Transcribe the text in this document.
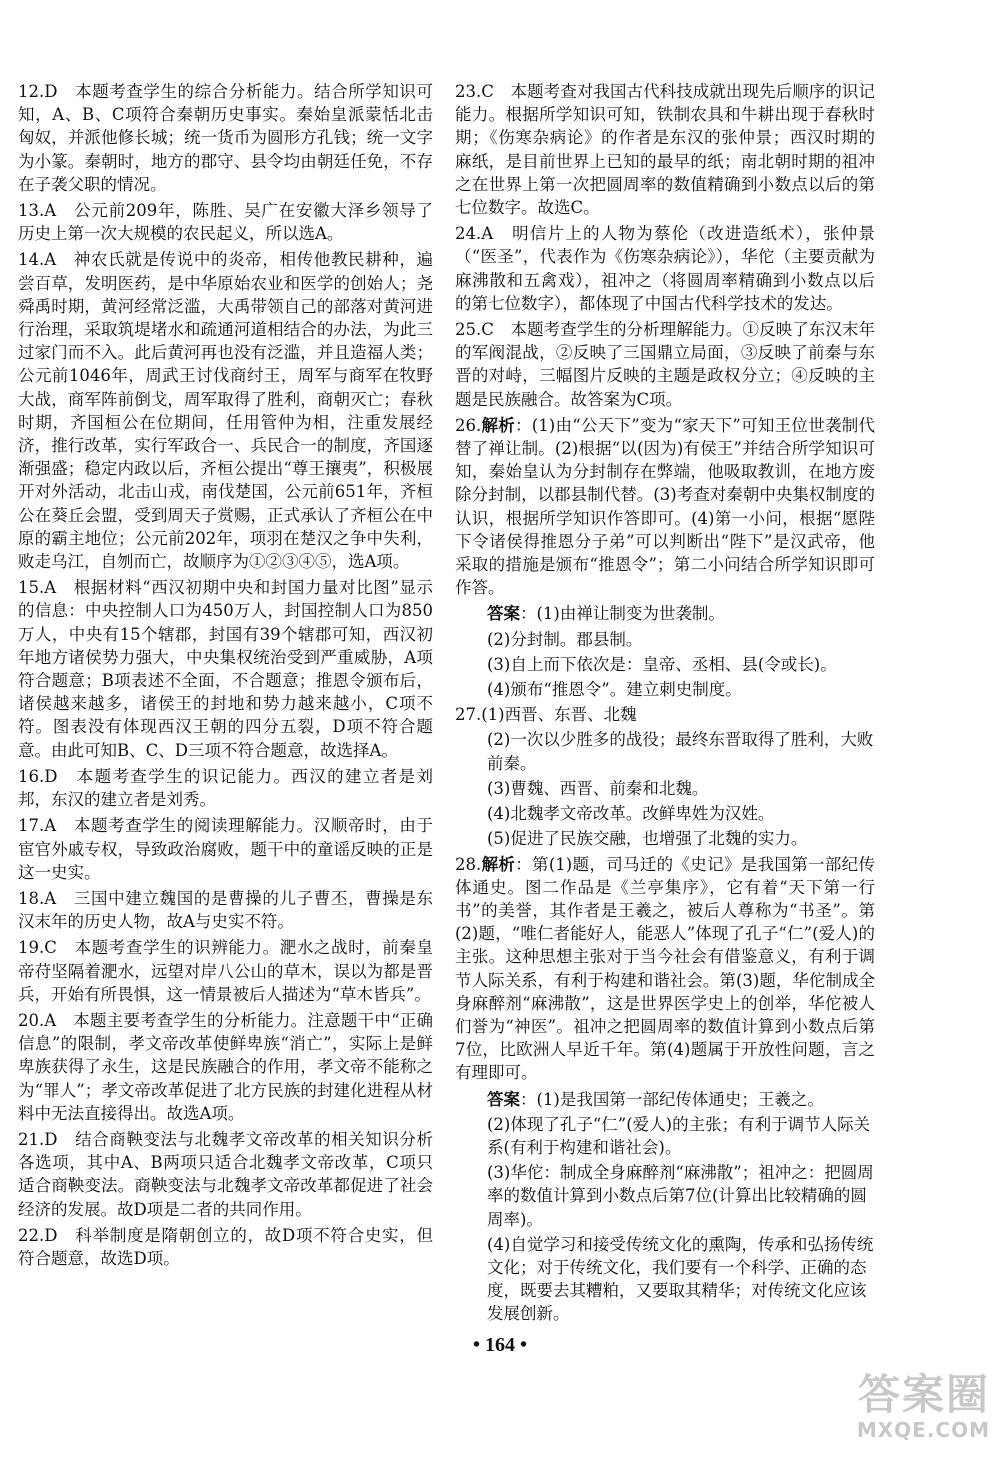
12.D　本题考查学生的综合分析能力。结合所学知识可知，A、B、C项符合秦朝历史事实。秦始皇派蒙恬北击匈奴，并派他修长城；统一货币为圆形方孔钱；统一文字为小篆。秦朝时，地方的郡守、县令均由朝廷任免，不存在子袭父职的情况。

13.A　公元前209年，陈胜、吴广在安徽大泽乡领导了历史上第一次大规模的农民起义，所以选A。

14.A　神农氏就是传说中的炎帝，相传他教民耕种，遍尝百草，发明医药，是中华原始农业和医学的创始人；尧舜禹时期，黄河经常泛滥，大禹带领自己的部落对黄河进行治理，采取筑堤堵水和疏通河道相结合的办法，为此三过家门而不入。此后黄河再也没有泛滥，并且造福人类；公元前1046年，周武王讨伐商纣王，周军与商军在牧野大战，商军阵前倒戈，周军取得了胜利，商朝灭亡；春秋时期，齐国桓公在位期间，任用管仲为相，注重发展经济，推行改革，实行军政合一、兵民合一的制度，齐国逐渐强盛；稳定内政以后，齐桓公提出“尊王攘夷”，积极展开对外活动，北击山戎，南伐楚国，公元前651年，齐桓公在葵丘会盟，受到周天子赏赐，正式承认了齐桓公在中原的霸主地位；公元前202年，项羽在楚汉之争中失利，败走乌江，自刎而亡，故顺序为①②③④⑤，选A项。

15.A　根据材料“西汉初期中央和封国力量对比图”显示的信息：中央控制人口为450万人，封国控制人口为850万人，中央有15个辖郡，封国有39个辖郡可知，西汉初年地方诸侯势力强大，中央集权统治受到严重威胁，A项符合题意；B项表述不全面，不合题意；推恩令颁布后，诸侯越来越多，诸侯王的封地和势力越来越小，C项不符。图表没有体现西汉王朝的四分五裂，D项不符合题意。由此可知B、C、D三项不符合题意，故选择A。

16.D　本题考查学生的识记能力。西汉的建立者是刘邦，东汉的建立者是刘秀。

17.A　本题考查学生的阅读理解能力。汉顺帝时，由于宦官外戚专权，导致政治腐败，题干中的童谣反映的正是这一史实。

18.A　三国中建立魏国的是曹操的儿子曹丕，曹操是东汉末年的历史人物，故A与史实不符。

19.C　本题考查学生的识辨能力。淝水之战时，前秦皇帝苻坚隔着淝水，远望对岸八公山的草木，误以为都是晋兵，开始有所畏惧，这一情景被后人描述为“草木皆兵”。

20.A　本题主要考查学生的分析能力。注意题干中“正确信息”的限制，孝文帝改革使鲜卑族“消亡”，实际上是鲜卑族获得了永生，这是民族融合的作用，孝文帝不能称之为“罪人”；孝文帝改革促进了北方民族的封建化进程从材料中无法直接得出。故选A项。

21.D　结合商鞅变法与北魏孝文帝改革的相关知识分析各选项，其中A、B两项只适合北魏孝文帝改革，C项只适合商鞅变法。商鞅变法与北魏孝文帝改革都促进了社会经济的发展。故D项是二者的共同作用。

22.D　科举制度是隋朝创立的，故D项不符合史实，但符合题意，故选D项。

23.C　本题考查对我国古代科技成就出现先后顺序的识记能力。根据所学知识可知，铁制农具和牛耕出现于春秋时期；《伤寒杂病论》的作者是东汉的张仲景；西汉时期的麻纸，是目前世界上已知的最早的纸；南北朝时期的祖冲之在世界上第一次把圆周率的数值精确到小数点以后的第七位数字。故选C。

24.A　明信片上的人物为蔡伦（改进造纸术），张仲景（“医圣”，代表作为《伤寒杂病论》），华佗（主要贡献为麻沸散和五禽戏），祖冲之（将圆周率精确到小数点以后的第七位数字），都体现了中国古代科学技术的发达。

25.C　本题考查学生的分析理解能力。①反映了东汉末年的军阀混战，②反映了三国鼎立局面，③反映了前秦与东晋的对峙，三幅图片反映的主题是政权分立；④反映的主题是民族融合。故答案为C项。

26.解析：(1)由“公天下”变为“家天下”可知王位世袭制代替了禅让制。(2)根据“以(因为)有侯王”并结合所学知识可知，秦始皇认为分封制存在弊端，他吸取教训，在地方废除分封制，以郡县制代替。(3)考查对秦朝中央集权制度的认识，根据所学知识作答即可。(4)第一小问，根据“愿陛下令诸侯得推恩分子弟”可以判断出“陛下”是汉武帝，他采取的措施是颁布“推恩令”；第二小问结合所学知识即可作答。

答案：(1)由禅让制变为世袭制。

(2)分封制。郡县制。

(3)自上而下依次是：皇帝、丞相、县(令或长)。

(4)颁布“推恩令”。建立刺史制度。

27.(1)西晋、东晋、北魏

(2)一次以少胜多的战役；最终东晋取得了胜利，大败前秦。

(3)曹魏、西晋、前秦和北魏。

(4)北魏孝文帝改革。改鲜卑姓为汉姓。

(5)促进了民族交融，也增强了北魏的实力。

28.解析：第(1)题，司马迁的《史记》是我国第一部纪传体通史。图二作品是《兰亭集序》，它有着“天下第一行书”的美誉，其作者是王羲之，被后人尊称为“书圣”。第(2)题，“唯仁者能好人，能恶人”体现了孔子“仁”(爱人)的主张。这种思想主张对于当今社会有借鉴意义，有利于调节人际关系，有利于构建和谐社会。第(3)题，华佗制成全身麻醉剂“麻沸散”，这是世界医学史上的创举，华佗被人们誉为“神医”。祖冲之把圆周率的数值计算到小数点后第7位，比欧洲人早近千年。第(4)题属于开放性问题，言之有理即可。

答案：(1)是我国第一部纪传体通史；王羲之。

(2)体现了孔子“仁”(爱人)的主张；有利于调节人际关系(有利于构建和谐社会)。

(3)华佗：制成全身麻醉剂“麻沸散”；祖冲之：把圆周率的数值计算到小数点后第7位(计算出比较精确的圆周率)。

(4)自觉学习和接受传统文化的熏陶，传承和弘扬传统文化；对于传统文化，我们要有一个科学、正确的态度，既要去其糟粕，又要取其精华；对传统文化应该发展创新。

• 164 •
答案圈
MXQE.COM
